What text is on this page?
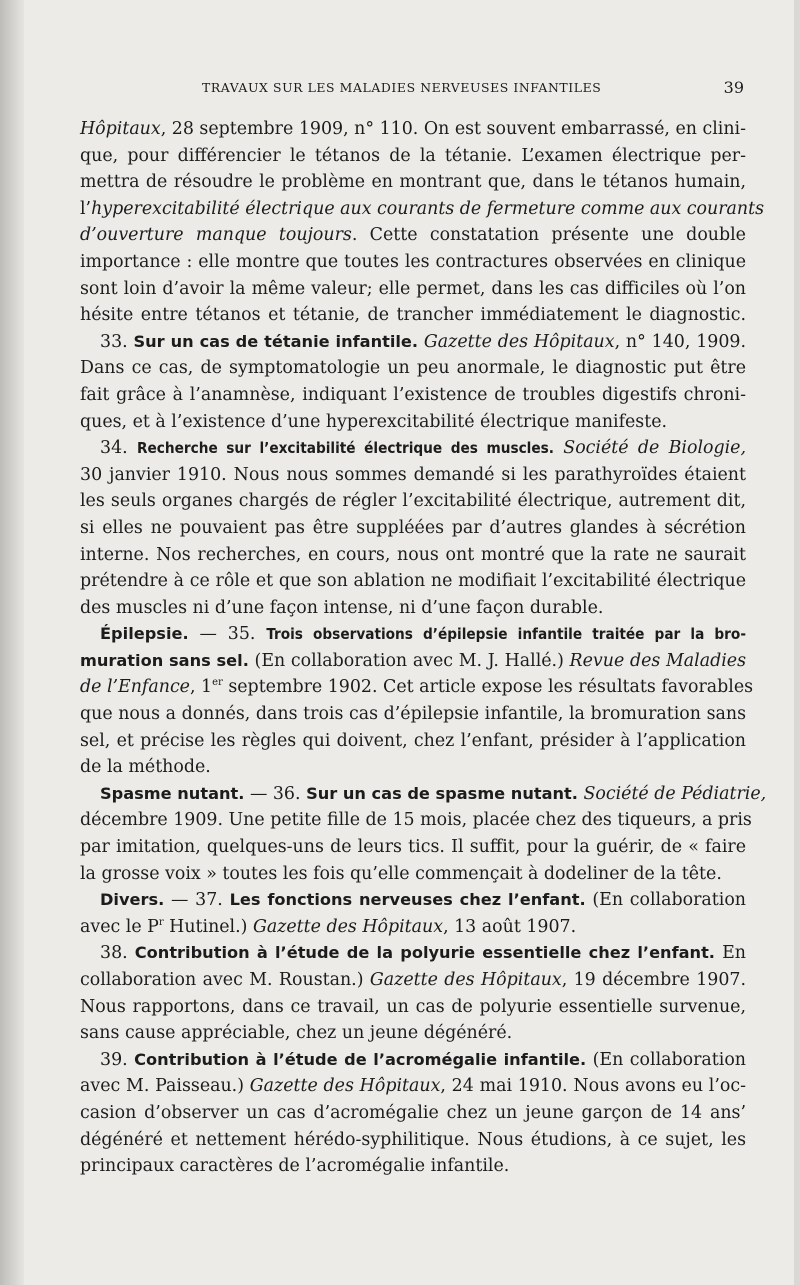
TRAVAUX SUR LES MALADIES NERVEUSES INFANTILES	39
Hôpitaux, 28 septembre 1909, n° 110. On est souvent embarrassé, en clini-
que, pour différencier le tétanos de la tétanie. L’examen électrique per-
mettra de résoudre le problème en montrant que, dans le tétanos humain,
l’hyperexcitabilité électrique aux courants de fermeture comme aux courants
d’ouverture manque toujours. Cette constatation présente une double
importance : elle montre que toutes les contractures observées en clinique
sont loin d’avoir la même valeur; elle permet, dans les cas difficiles où l’on
hésite entre tétanos et tétanie, de trancher immédiatement le diagnostic.
33. Sur un cas de tétanie infantile. Gazette des Hôpitaux, n° 140, 1909.
Dans ce cas, de symptomatologie un peu anormale, le diagnostic put être
fait grâce à l’anamnèse, indiquant l’existence de troubles digestifs chroni-
ques, et à l’existence d’une hyperexcitabilité électrique manifeste.
34. Recherche sur l’excitabilité électrique des muscles. Société de Biologie,
30 janvier 1910. Nous nous sommes demandé si les parathyroïdes étaient
les seuls organes chargés de régler l’excitabilité électrique, autrement dit,
si elles ne pouvaient pas être suppléées par d’autres glandes à sécrétion
interne. Nos recherches, en cours, nous ont montré que la rate ne saurait
prétendre à ce rôle et que son ablation ne modifiait l’excitabilité électrique
des muscles ni d’une façon intense, ni d’une façon durable.
Épilepsie. — 35. Trois observations d’épilepsie infantile traitée par la bro-
muration sans sel. (En collaboration avec M. J. Hallé.) Revue des Maladies
de l’Enfance, 1er septembre 1902. Cet article expose les résultats favorables
que nous a donnés, dans trois cas d’épilepsie infantile, la bromuration sans
sel, et précise les règles qui doivent, chez l’enfant, présider à l’application
de la méthode.
Spasme nutant. — 36. Sur un cas de spasme nutant. Société de Pédiatrie,
décembre 1909. Une petite fille de 15 mois, placée chez des tiqueurs, a pris
par imitation, quelques-uns de leurs tics. Il suffit, pour la guérir, de « faire
la grosse voix » toutes les fois qu’elle commençait à dodeliner de la tête.
Divers. — 37. Les fonctions nerveuses chez l’enfant. (En collaboration
avec le $P^r$ Hutinel.) Gazette des Hôpitaux, 13 août 1907.
38. Contribution à l’étude de la polyurie essentielle chez l’enfant. En
collaboration avec M. Roustan.) Gazette des Hôpitaux, 19 décembre 1907.
Nous rapportons, dans ce travail, un cas de polyurie essentielle survenue,
sans cause appréciable, chez un jeune dégénéré.
39. Contribution à l’étude de l’acromégalie infantile. (En collaboration
avec M. Paisseau.) Gazette des Hôpitaux, 24 mai 1910. Nous avons eu l’oc-
casion d’observer un cas d’acromégalie chez un jeune garçon de 14 ans’
dégénéré et nettement hérédo-syphilitique. Nous étudions, à ce sujet, les
principaux caractères de l’acromégalie infantile.
